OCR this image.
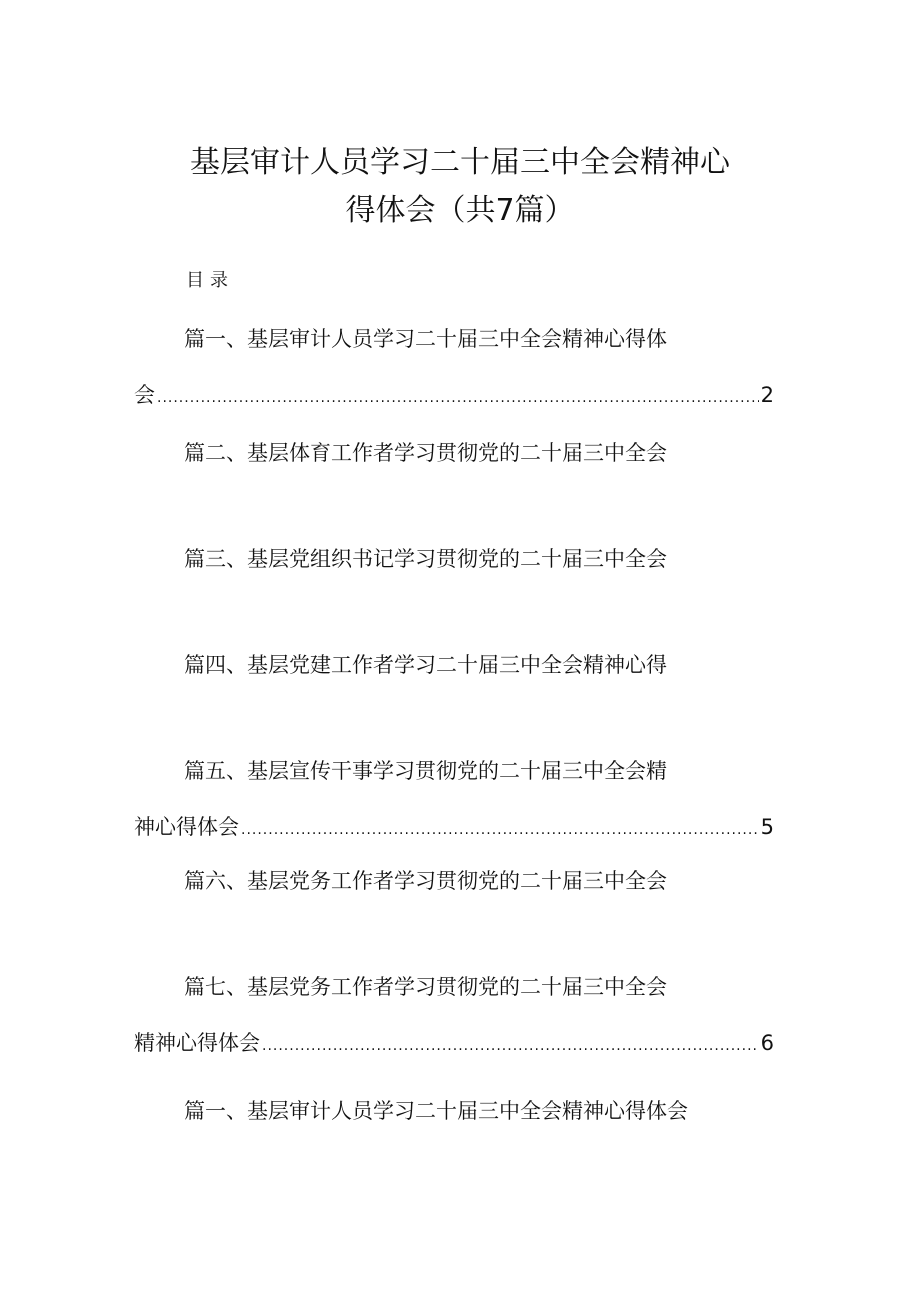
基层审计人员学习二十届三中全会精神心
得体会（共7篇）
目录
篇一、基层审计人员学习二十届三中全会精神心得体
会 .....	2
篇二、基层体育工作者学习贯彻党的二十届三中全会
篇三、基层党组织书记学习贯彻党的二十届三中全会
篇四、基层党建工作者学习二十届三中全会精神心得
篇五、基层宣传干事学习贯彻党的二十届三中全会精
神心得体会 .....	5
篇六、基层党务工作者学习贯彻党的二十届三中全会
篇七、基层党务工作者学习贯彻党的二十届三中全会
精神心得体会 .....	6
篇一、基层审计人员学习二十届三中全会精神心得体会
